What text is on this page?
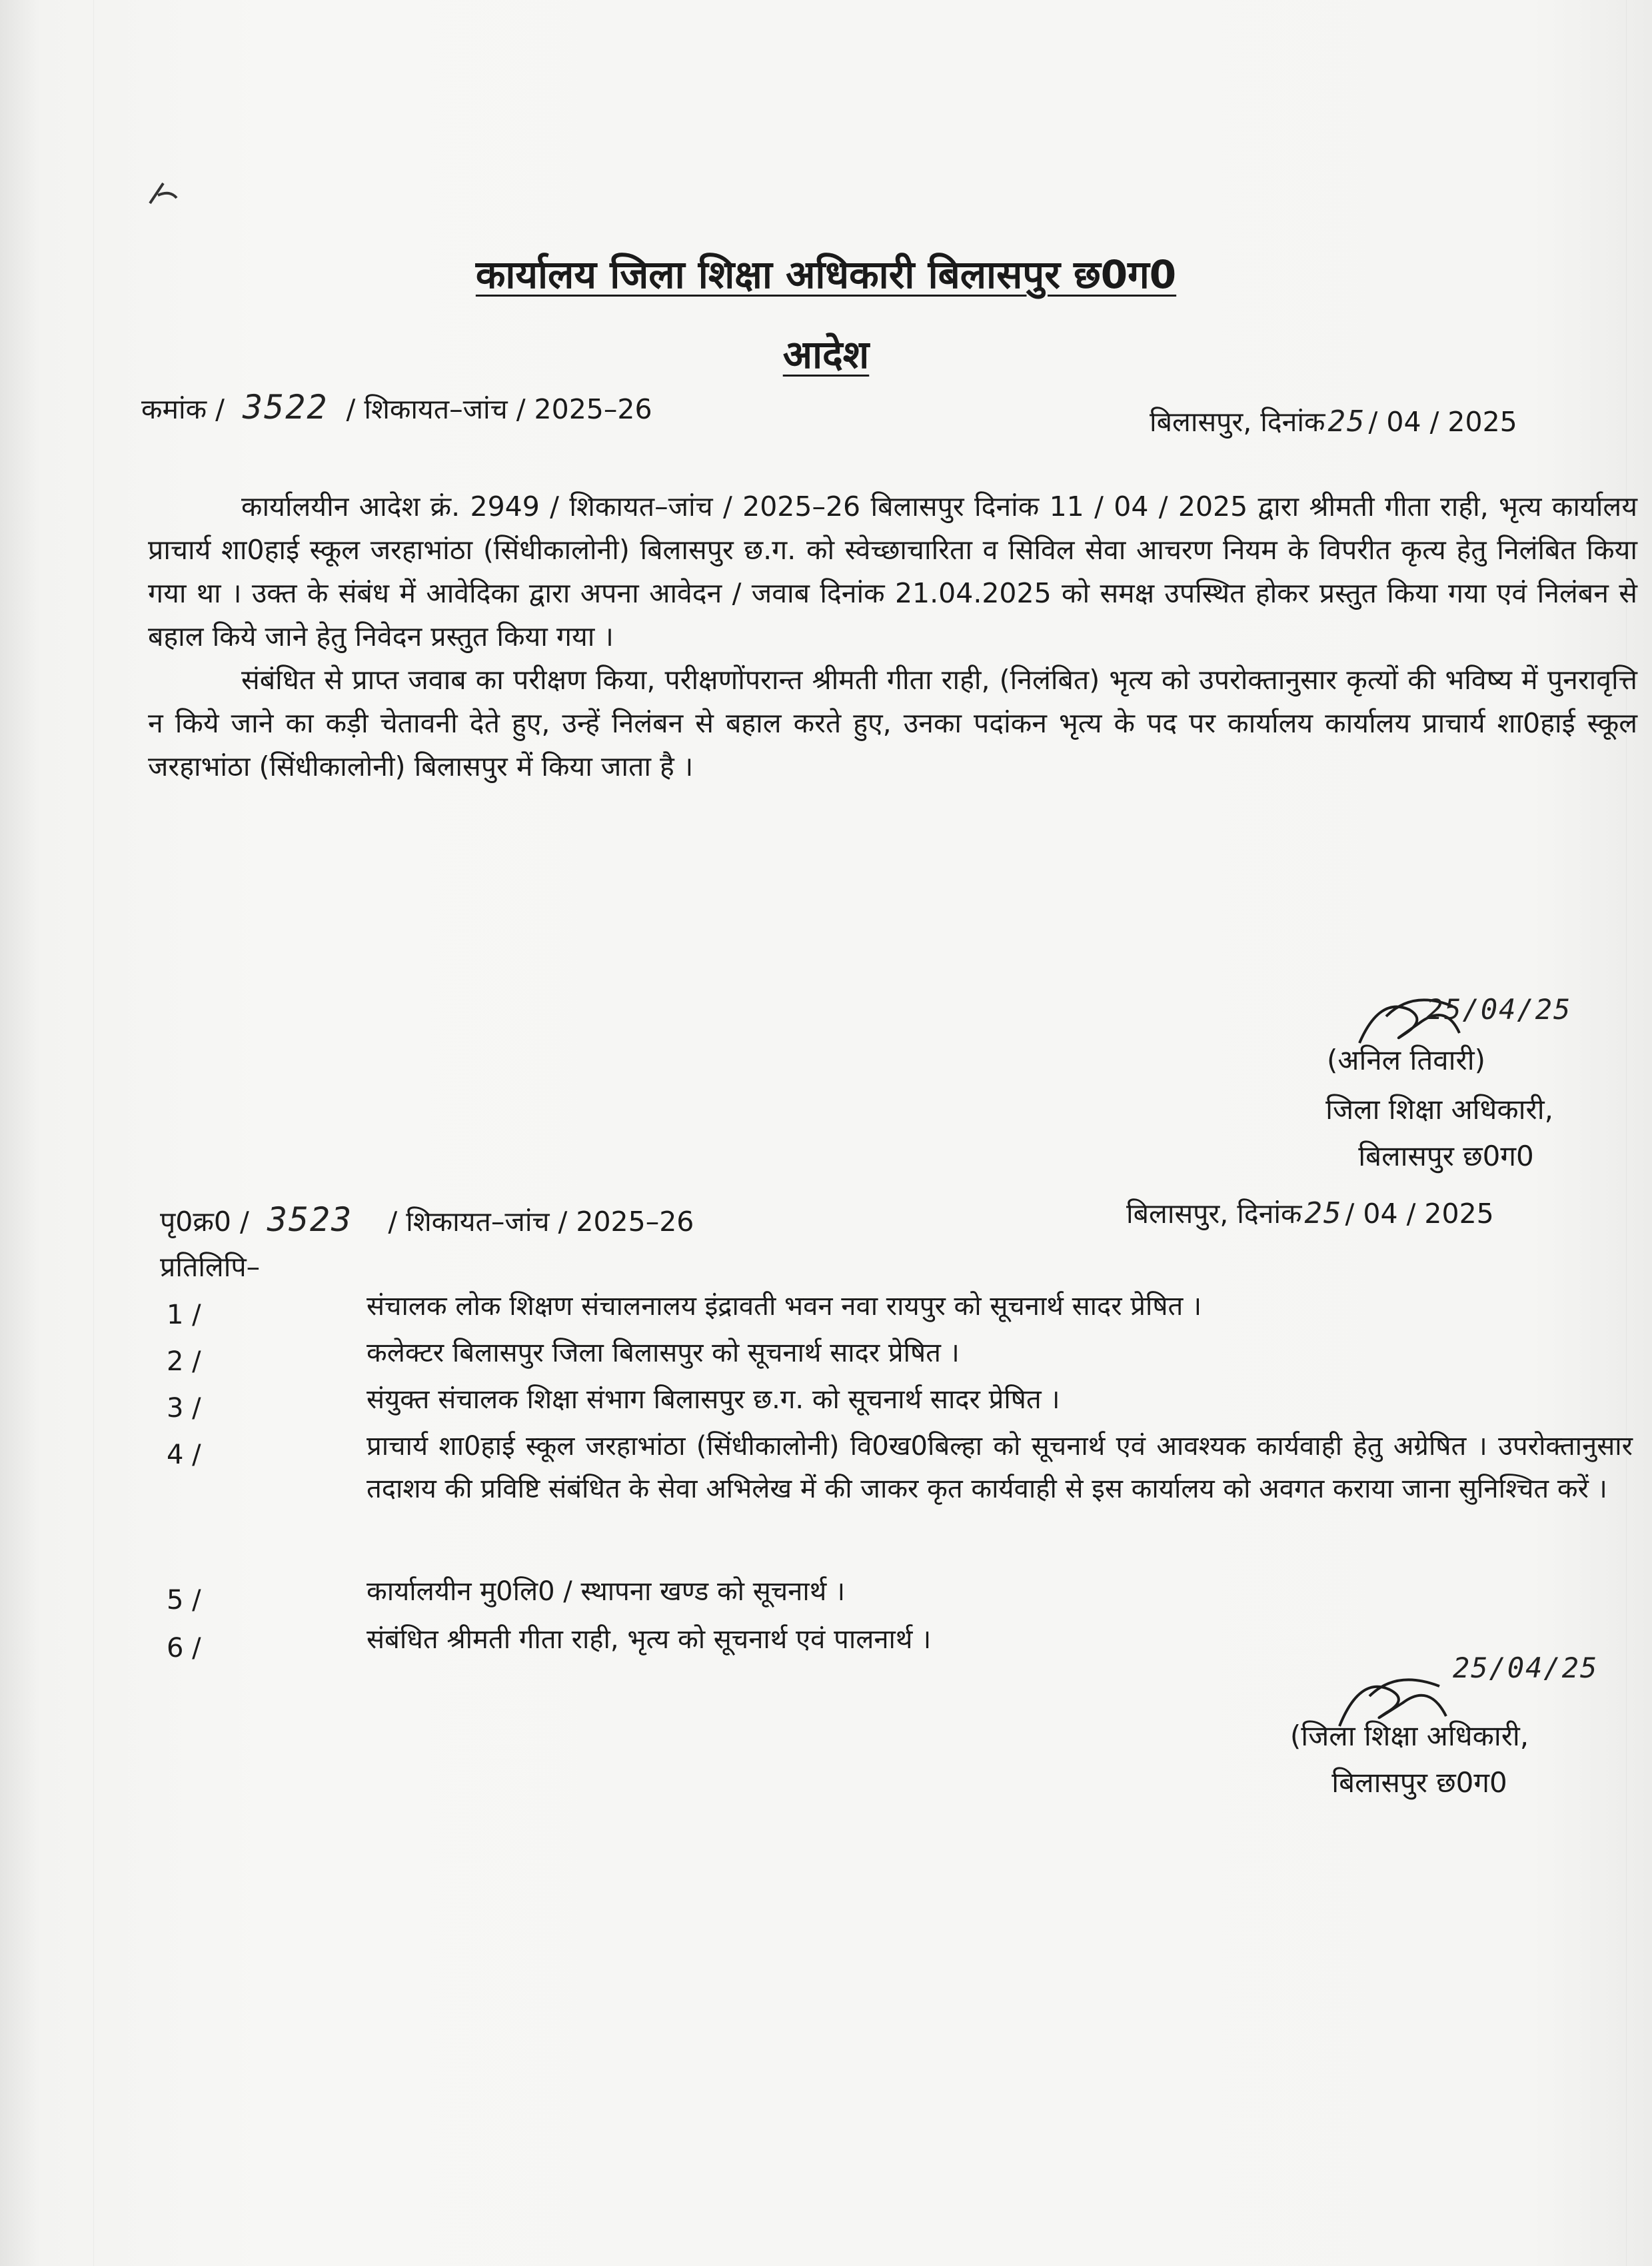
कार्यालय जिला शिक्षा अधिकारी बिलासपुर छ0ग0
आदेश
कमांक / 3522 / शिकायत–जांच / 2025–26	बिलासपुर, दिनांक25/ 04 / 2025

कार्यालयीन आदेश क्रं. 2949 / शिकायत–जांच / 2025–26 बिलासपुर दिनांक 11 / 04 / 2025 द्वारा श्रीमती गीता राही, भृत्य कार्यालय प्राचार्य शा0हाई स्कूल जरहाभांठा (सिंधीकालोनी) बिलासपुर छ.ग. को स्वेच्छाचारिता व सिविल सेवा आचरण नियम के विपरीत कृत्य हेतु निलंबित किया गया था । उक्त के संबंध में आवेदिका द्वारा अपना आवेदन / जवाब दिनांक 21.04.2025 को समक्ष उपस्थित होकर प्रस्तुत किया गया एवं निलंबन से बहाल किये जाने हेतु निवेदन प्रस्तुत किया गया ।

संबंधित से प्राप्त जवाब का परीक्षण किया, परीक्षणोंपरान्त श्रीमती गीता राही, (निलंबित) भृत्य को उपरोक्तानुसार कृत्यों की भविष्य में पुनरावृत्ति न किये जाने का कड़ी चेतावनी देते हुए, उन्हें निलंबन से बहाल करते हुए, उनका पदांकन भृत्य के पद पर कार्यालय कार्यालय प्राचार्य शा0हाई स्कूल जरहाभांठा (सिंधीकालोनी) बिलासपुर में किया जाता है ।

25/04/25
(अनिल तिवारी)
जिला शिक्षा अधिकारी,
बिलासपुर छ0ग0
पृ0क्र0 / 3523 / शिकायत–जांच / 2025–26	बिलासपुर, दिनांक25/ 04 / 2025
प्रतिलिपि–
1 /	संचालक लोक शिक्षण संचालनालय इंद्रावती भवन नवा रायपुर को सूचनार्थ सादर प्रेषित ।
2 /	कलेक्टर बिलासपुर जिला बिलासपुर को सूचनार्थ सादर प्रेषित ।
3 /	संयुक्त संचालक शिक्षा संभाग बिलासपुर छ.ग. को सूचनार्थ सादर प्रेषित ।
4 /	प्राचार्य शा0हाई स्कूल जरहाभांठा (सिंधीकालोनी) वि0ख0बिल्हा को सूचनार्थ एवं आवश्यक कार्यवाही हेतु अग्रेषित । उपरोक्तानुसार तदाशय की प्रविष्टि संबंधित के सेवा अभिलेख में की जाकर कृत कार्यवाही से इस कार्यालय को अवगत कराया जाना सुनिश्चित करें ।
5 /	कार्यालयीन मु0लि0 / स्थापना खण्ड को सूचनार्थ ।
6 /	संबंधित श्रीमती गीता राही, भृत्य को सूचनार्थ एवं पालनार्थ ।
25/04/25
(जिला शिक्षा अधिकारी,
बिलासपुर छ0ग0
